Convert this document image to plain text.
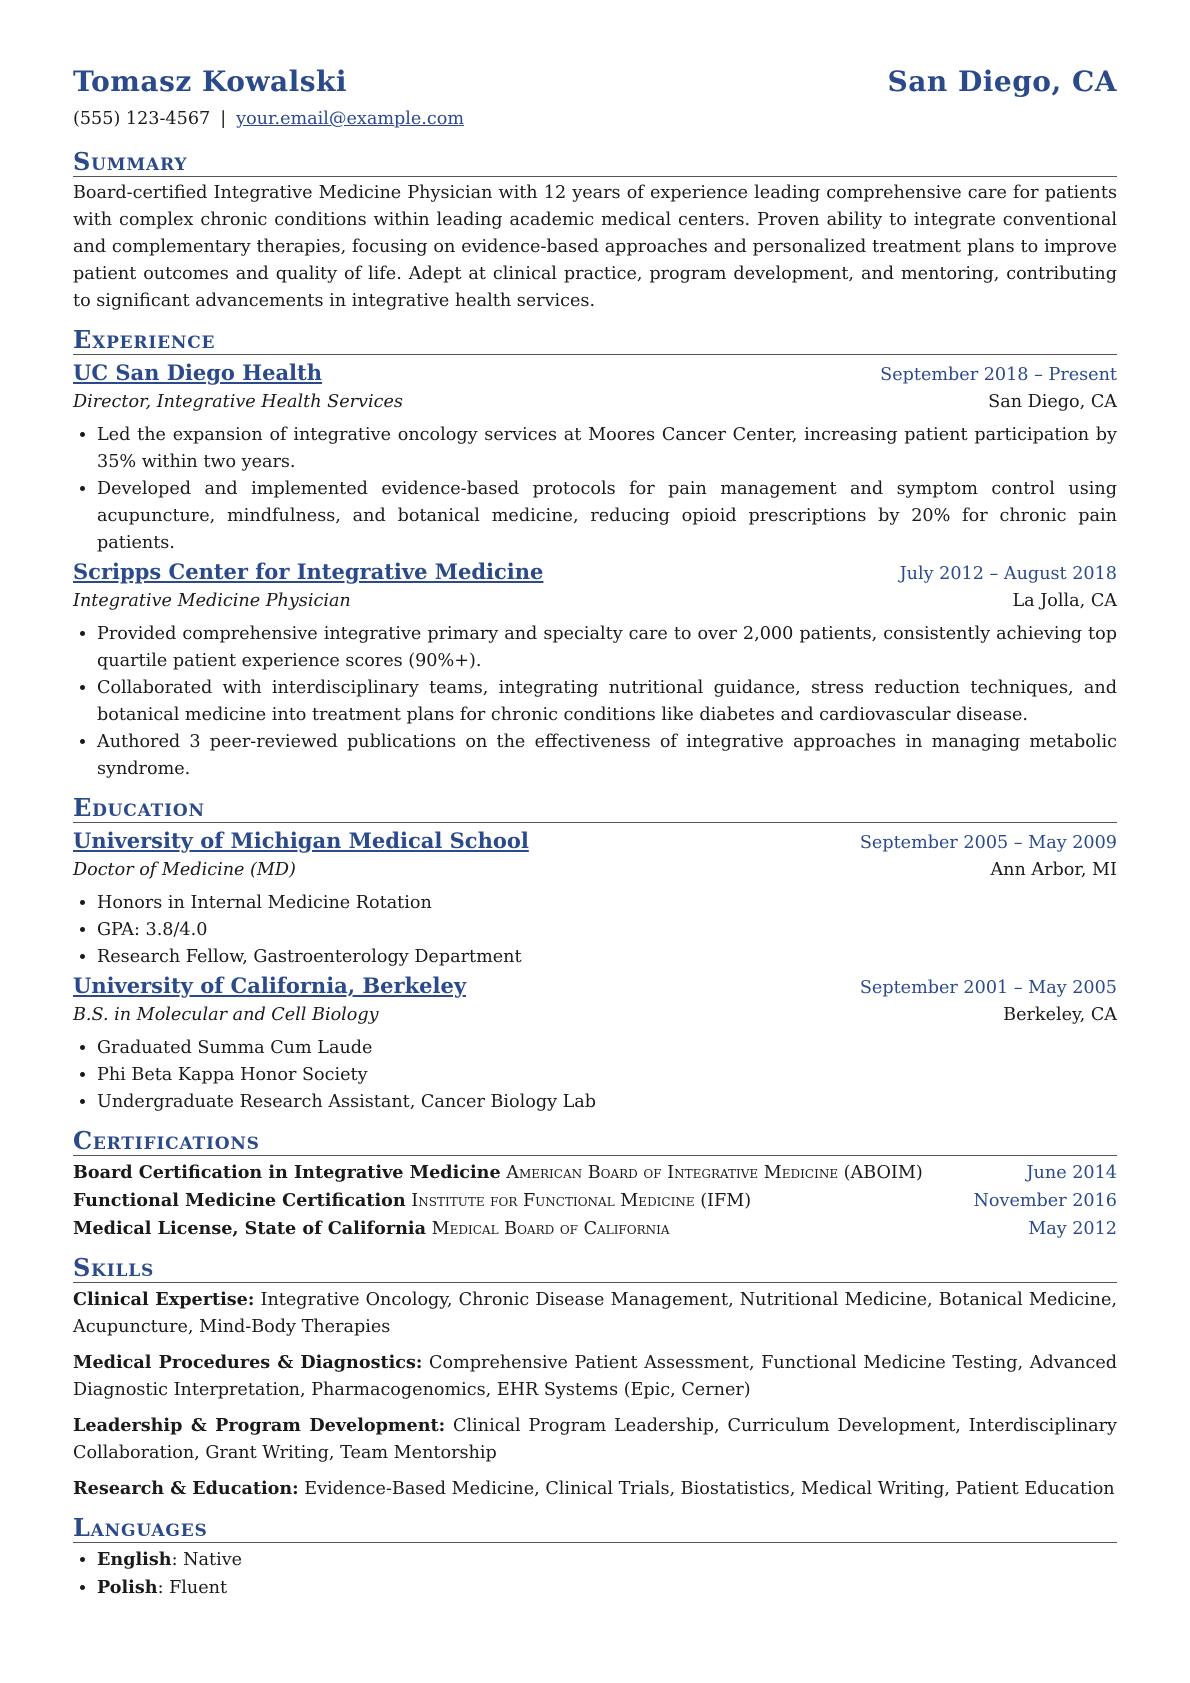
Tomasz Kowalski	San Diego, CA
(555) 123-4567 | your.email@example.com
Summary

Board-certified Integrative Medicine Physician with 12 years of experience leading comprehensive care for patients with complex chronic conditions within leading academic medical centers. Proven ability to integrate conventional and complementary therapies, focusing on evidence-based approaches and personalized treatment plans to improve patient outcomes and quality of life. Adept at clinical practice, program development, and mentoring, contributing to significant advancements in integrative health services.

Experience
UC San Diego Health	September 2018 – Present
Director, Integrative Health Services	San Diego, CA
• Led the expansion of integrative oncology services at Moores Cancer Center, increasing patient participation by 35% within two years.
• Developed and implemented evidence-based protocols for pain management and symptom control using acupuncture, mindfulness, and botanical medicine, reducing opioid prescriptions by 20% for chronic pain patients.
Scripps Center for Integrative Medicine	July 2012 – August 2018
Integrative Medicine Physician	La Jolla, CA
• Provided comprehensive integrative primary and specialty care to over 2,000 patients, consistently achieving top quartile patient experience scores (90%+).
• Collaborated with interdisciplinary teams, integrating nutritional guidance, stress reduction techniques, and botanical medicine into treatment plans for chronic conditions like diabetes and cardiovascular disease.
• Authored 3 peer-reviewed publications on the effectiveness of integrative approaches in managing metabolic syndrome.
Education
University of Michigan Medical School	September 2005 – May 2009
Doctor of Medicine (MD)	Ann Arbor, MI
• Honors in Internal Medicine Rotation
• GPA: 3.8/4.0
• Research Fellow, Gastroenterology Department
University of California, Berkeley	September 2001 – May 2005
B.S. in Molecular and Cell Biology	Berkeley, CA
• Graduated Summa Cum Laude
• Phi Beta Kappa Honor Society
• Undergraduate Research Assistant, Cancer Biology Lab
Certifications
Board Certification in Integrative Medicine American Board of Integrative Medicine (ABOIM)	June 2014
Functional Medicine Certification Institute for Functional Medicine (IFM)	November 2016
Medical License, State of California Medical Board of California	May 2012
Skills

Clinical Expertise: Integrative Oncology, Chronic Disease Management, Nutritional Medicine, Botanical Medicine, Acupuncture, Mind-Body Therapies

Medical Procedures & Diagnostics: Comprehensive Patient Assessment, Functional Medicine Testing, Advanced Diagnostic Interpretation, Pharmacogenomics, EHR Systems (Epic, Cerner)

Leadership & Program Development: Clinical Program Leadership, Curriculum Development, Interdisciplinary Collaboration, Grant Writing, Team Mentorship

Research & Education: Evidence-Based Medicine, Clinical Trials, Biostatistics, Medical Writing, Patient Education

Languages
• English: Native
• Polish: Fluent
